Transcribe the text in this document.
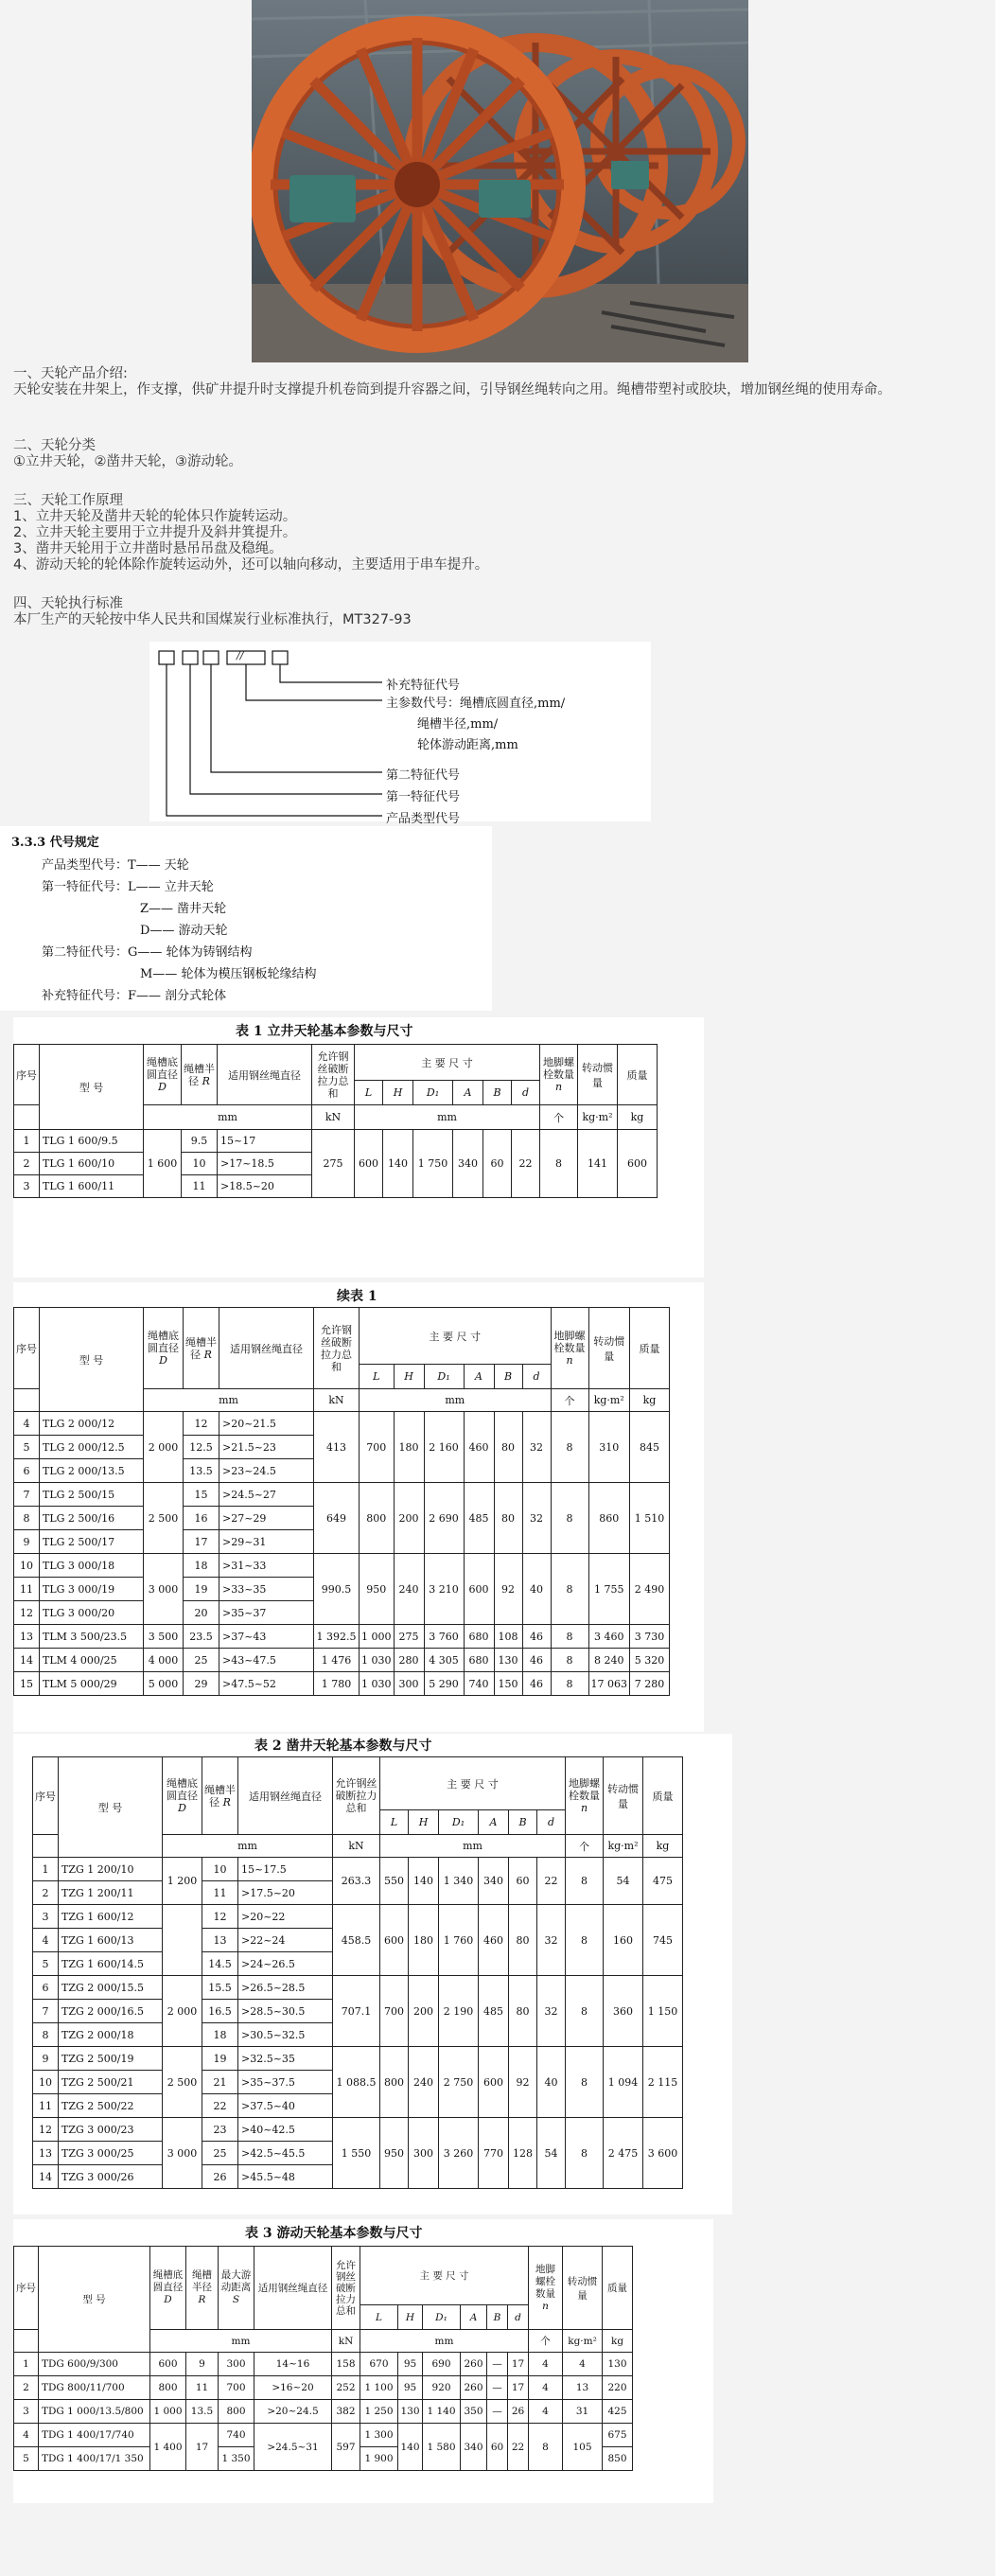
一、天轮产品介绍:
天轮安装在井架上，作支撑，供矿井提升时支撑提升机卷筒到提升容器之间，引导钢丝绳转向之用。绳槽带塑衬或胶块，增加钢丝绳的使用寿命。
二、天轮分类
①立井天轮，②凿井天轮，③游动轮。
三、天轮工作原理
1、立井天轮及凿井天轮的轮体只作旋转运动。
2、立井天轮主要用于立井提升及斜井箕提升。
3、凿井天轮用于立井凿时悬吊吊盘及稳绳。
4、游动天轮的轮体除作旋转运动外，还可以轴向移动，主要适用于串车提升。
四、天轮执行标准
本厂生产的天轮按中华人民共和国煤炭行业标准执行，MT327-93
//
补充特征代号
主参数代号：绳槽底圆直径,mm/
绳槽半径,mm/
轮体游动距离,mm
第二特征代号
第一特征代号
产品类型代号
3.3.3 代号规定
产品类型代号：T—— 天轮
第一特征代号：L—— 立井天轮
Z—— 凿井天轮
D—— 游动天轮
第二特征代号：G—— 轮体为铸钢结构
M—— 轮体为模压钢板轮缘结构
补充特征代号：F—— 剖分式轮体
表 1 立井天轮基本参数与尺寸
序号	型 号	绳槽底圆直径 D	绳槽半径 R	适用钢丝绳直径	允许钢丝破断拉力总和	主 要 尺 寸						地脚螺栓数量 n	转动惯量	质量
						L	H	D₁	A	B	d			
		mm			kN	mm						个	kg·m²	kg
1	TLG 1 600/9.5	1 600	9.5	15~17	275	600	140	1 750	340	60	22	8	141	600
2	TLG 1 600/10		10	>17~18.5										
3	TLG 1 600/11		11	>18.5~20										
续表 1
序号	型 号	绳槽底圆直径 D	绳槽半径 R	适用钢丝绳直径	允许钢丝破断拉力总和	主 要 尺 寸						地脚螺栓数量 n	转动惯量	质量
						L	H	D₁	A	B	d			
		mm			kN	mm						个	kg·m²	kg
4	TLG 2 000/12	2 000	12	>20~21.5	413	700	180	2 160	460	80	32	8	310	845
5	TLG 2 000/12.5		12.5	>21.5~23										
6	TLG 2 000/13.5		13.5	>23~24.5										
7	TLG 2 500/15	2 500	15	>24.5~27	649	800	200	2 690	485	80	32	8	860	1 510
8	TLG 2 500/16		16	>27~29										
9	TLG 2 500/17		17	>29~31										
10	TLG 3 000/18	3 000	18	>31~33	990.5	950	240	3 210	600	92	40	8	1 755	2 490
11	TLG 3 000/19		19	>33~35										
12	TLG 3 000/20		20	>35~37										
13	TLM 3 500/23.5	3 500	23.5	>37~43	1 392.5	1 000	275	3 760	680	108	46	8	3 460	3 730
14	TLM 4 000/25	4 000	25	>43~47.5	1 476	1 030	280	4 305	680	130	46	8	8 240	5 320
15	TLM 5 000/29	5 000	29	>47.5~52	1 780	1 030	300	5 290	740	150	46	8	17 063	7 280
表 2 凿井天轮基本参数与尺寸
序号	型 号	绳槽底圆直径 D	绳槽半径 R	适用钢丝绳直径	允许钢丝破断拉力总和	主 要 尺 寸						地脚螺栓数量 n	转动惯量	质量
						L	H	D₁	A	B	d			
		mm			kN	mm						个	kg·m²	kg
1	TZG 1 200/10	1 200	10	15~17.5	263.3	550	140	1 340	340	60	22	8	54	475
2	TZG 1 200/11		11	>17.5~20										
3	TZG 1 600/12		12	>20~22	458.5	600	180	1 760	460	80	32	8	160	745
4	TZG 1 600/13		13	>22~24										
5	TZG 1 600/14.5		14.5	>24~26.5										
6	TZG 2 000/15.5	2 000	15.5	>26.5~28.5	707.1	700	200	2 190	485	80	32	8	360	1 150
7	TZG 2 000/16.5		16.5	>28.5~30.5										
8	TZG 2 000/18		18	>30.5~32.5										
9	TZG 2 500/19	2 500	19	>32.5~35	1 088.5	800	240	2 750	600	92	40	8	1 094	2 115
10	TZG 2 500/21		21	>35~37.5										
11	TZG 2 500/22		22	>37.5~40										
12	TZG 3 000/23	3 000	23	>40~42.5	1 550	950	300	3 260	770	128	54	8	2 475	3 600
13	TZG 3 000/25		25	>42.5~45.5										
14	TZG 3 000/26		26	>45.5~48										
表 3 游动天轮基本参数与尺寸
序号	型 号	绳槽底圆直径 D	绳槽半径 R	最大游动距离 S	适用钢丝绳直径	允许钢丝破断拉力总和	主 要 尺 寸						地脚螺栓数量 n	转动惯量	质量
							L	H	D₁	A	B	d			
		mm				kN	mm						个	kg·m²	kg
1	TDG 600/9/300	600	9	300	14~16	158	670	95	690	260	—	17	4	4	130
2	TDG 800/11/700	800	11	700	>16~20	252	1 100	95	920	260	—	17	4	13	220
3	TDG 1 000/13.5/800	1 000	13.5	800	>20~24.5	382	1 250	130	1 140	350	—	26	4	31	425
4	TDG 1 400/17/740	1 400	17	740	>24.5~31	597	1 300	140	1 580	340	60	22	8	105	675
5	TDG 1 400/17/1 350			1 350			1 900								850
